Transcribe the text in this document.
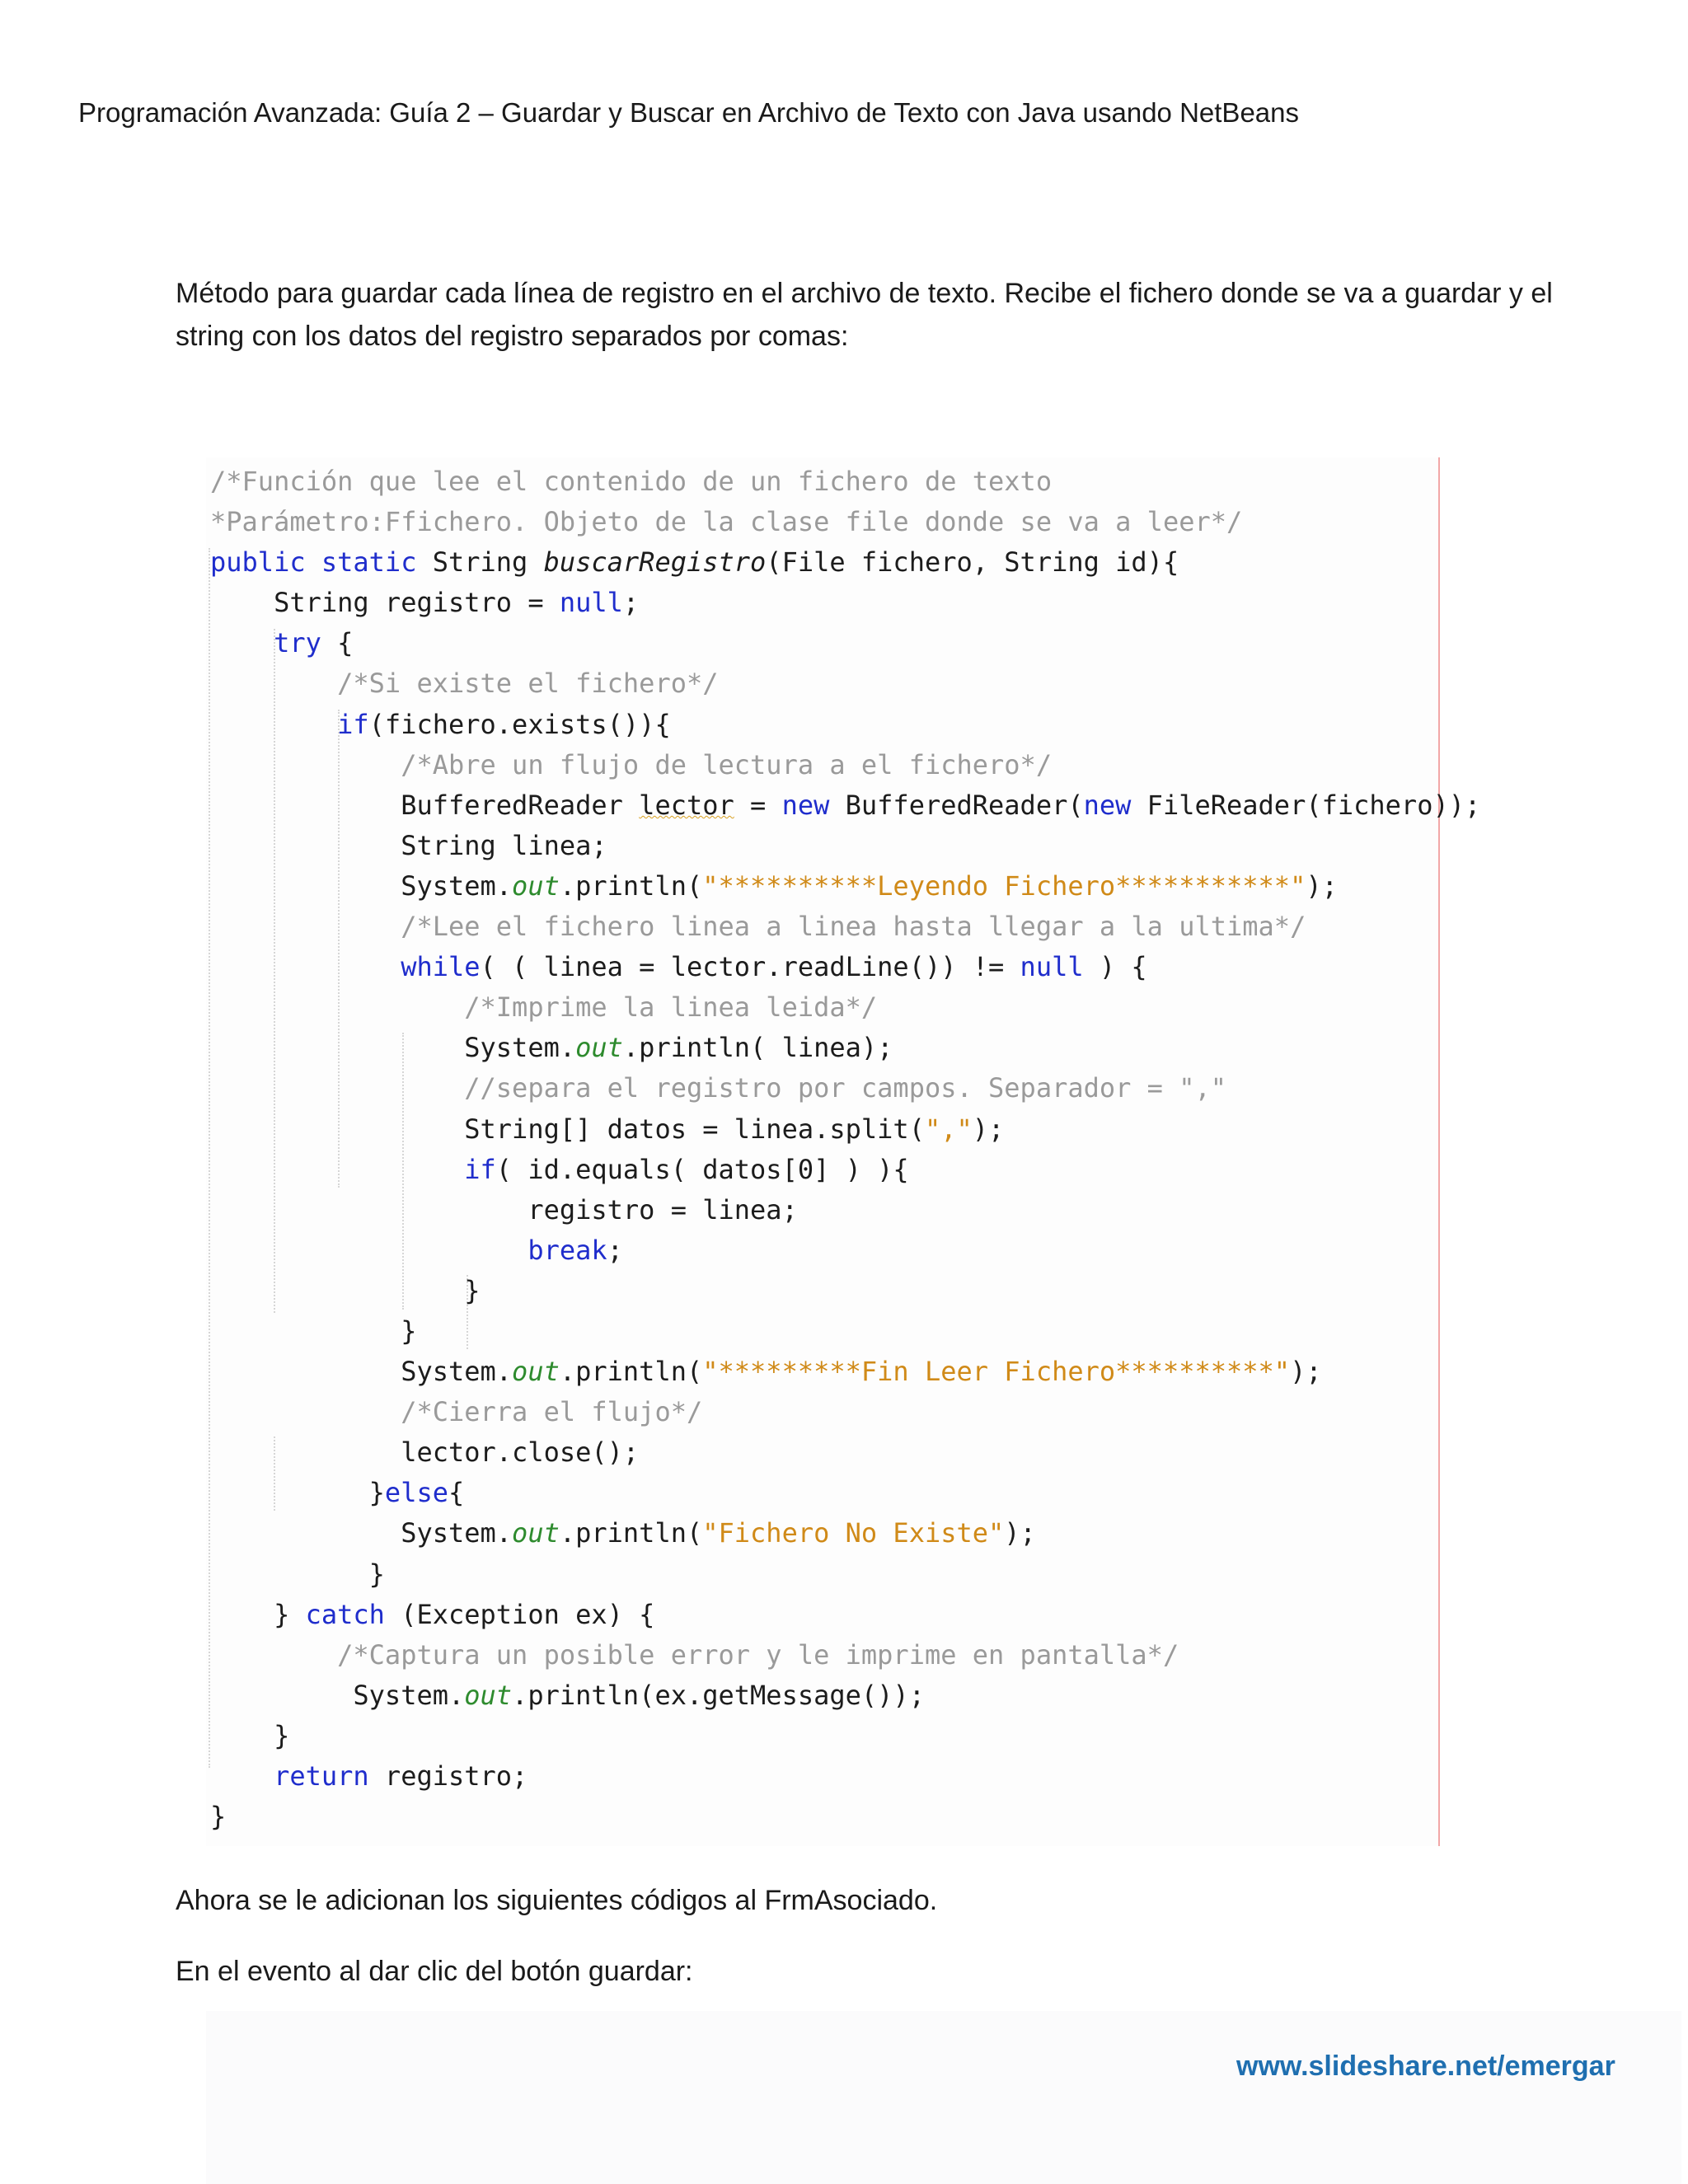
Programación Avanzada: Guía 2 – Guardar y Buscar en Archivo de Texto con Java usando NetBeans
Método para guardar cada línea de registro en el archivo de texto. Recibe el fichero donde se va a guardar y el string con los datos del registro separados por comas:
/*Función que lee el contenido de un fichero de texto
*Parámetro:Ffichero. Objeto de la clase file donde se va a leer*/
public static String buscarRegistro(File fichero, String id){
String registro = null;
try {
/*Si existe el fichero*/
if(fichero.exists()){
/*Abre un flujo de lectura a el fichero*/
BufferedReader lector = new BufferedReader(new FileReader(fichero));
String linea;
System.out.println("**********Leyendo Fichero***********");
/*Lee el fichero linea a linea hasta llegar a la ultima*/
while( ( linea = lector.readLine()) != null ) {
/*Imprime la linea leida*/
System.out.println( linea);
//separa el registro por campos. Separador = ","
String[] datos = linea.split(",");
if( id.equals( datos[0] ) ){
registro = linea;
break;
}
}
System.out.println("*********Fin Leer Fichero**********");
/*Cierra el flujo*/
lector.close();
}else{
System.out.println("Fichero No Existe");
}
} catch (Exception ex) {
/*Captura un posible error y le imprime en pantalla*/
System.out.println(ex.getMessage());
}
return registro;
}
Ahora se le adicionan los siguientes códigos al FrmAsociado.
En el evento al dar clic del botón guardar:
www.slideshare.net/emergar
